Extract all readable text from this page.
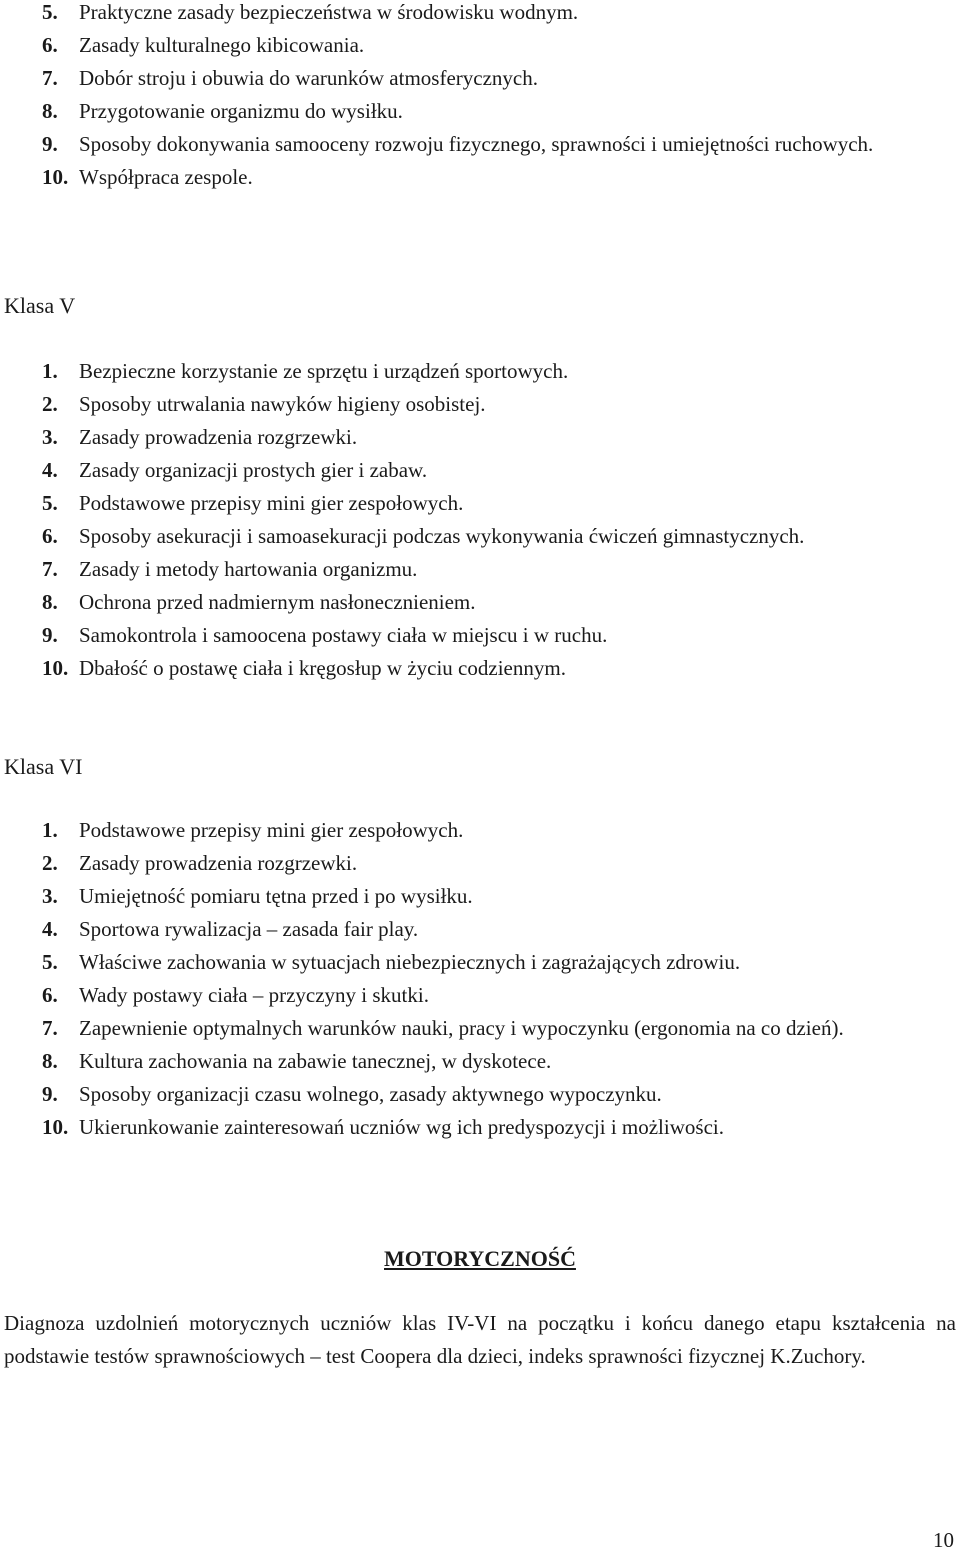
5.	Praktyczne zasady bezpieczeństwa w środowisku wodnym.
6.	Zasady kulturalnego kibicowania.
7.	Dobór stroju i obuwia do warunków atmosferycznych.
8.	Przygotowanie organizmu do wysiłku.
9.	Sposoby dokonywania samooceny rozwoju fizycznego, sprawności i umiejętności ruchowych.
10. Współpraca zespole.
Klasa V
1.	Bezpieczne korzystanie ze sprzętu i urządzeń sportowych.
2.	Sposoby utrwalania nawyków higieny osobistej.
3.	Zasady prowadzenia rozgrzewki.
4.	Zasady organizacji prostych gier i zabaw.
5.	Podstawowe przepisy mini gier zespołowych.
6.	Sposoby asekuracji i samoasekuracji podczas wykonywania ćwiczeń gimnastycznych.
7.	Zasady i metody hartowania organizmu.
8.	Ochrona przed nadmiernym nasłonecznieniem.
9.	Samokontrola i samoocena postawy ciała w miejscu i w ruchu.
10. Dbałość o postawę ciała i kręgosłup w życiu codziennym.
Klasa VI
1.	Podstawowe przepisy mini gier zespołowych.
2.	Zasady prowadzenia rozgrzewki.
3.	Umiejętność pomiaru tętna przed i po wysiłku.
4.	Sportowa rywalizacja – zasada fair play.
5.	Właściwe zachowania w sytuacjach niebezpiecznych i zagrażających zdrowiu.
6.	Wady postawy ciała – przyczyny i skutki.
7.	Zapewnienie optymalnych warunków nauki, pracy i wypoczynku (ergonomia na co dzień).
8.	Kultura zachowania na zabawie tanecznej, w dyskotece.
9.	Sposoby organizacji czasu wolnego, zasady aktywnego wypoczynku.
10. Ukierunkowanie zainteresowań uczniów wg ich predyspozycji i możliwości.
MOTORYCZNOŚĆ

Diagnoza uzdolnień motorycznych uczniów klas IV-VI na początku i końcu danego etapu kształcenia na podstawie testów sprawnościowych – test Coopera dla dzieci, indeks sprawności fizycznej K.Zuchory.

10
